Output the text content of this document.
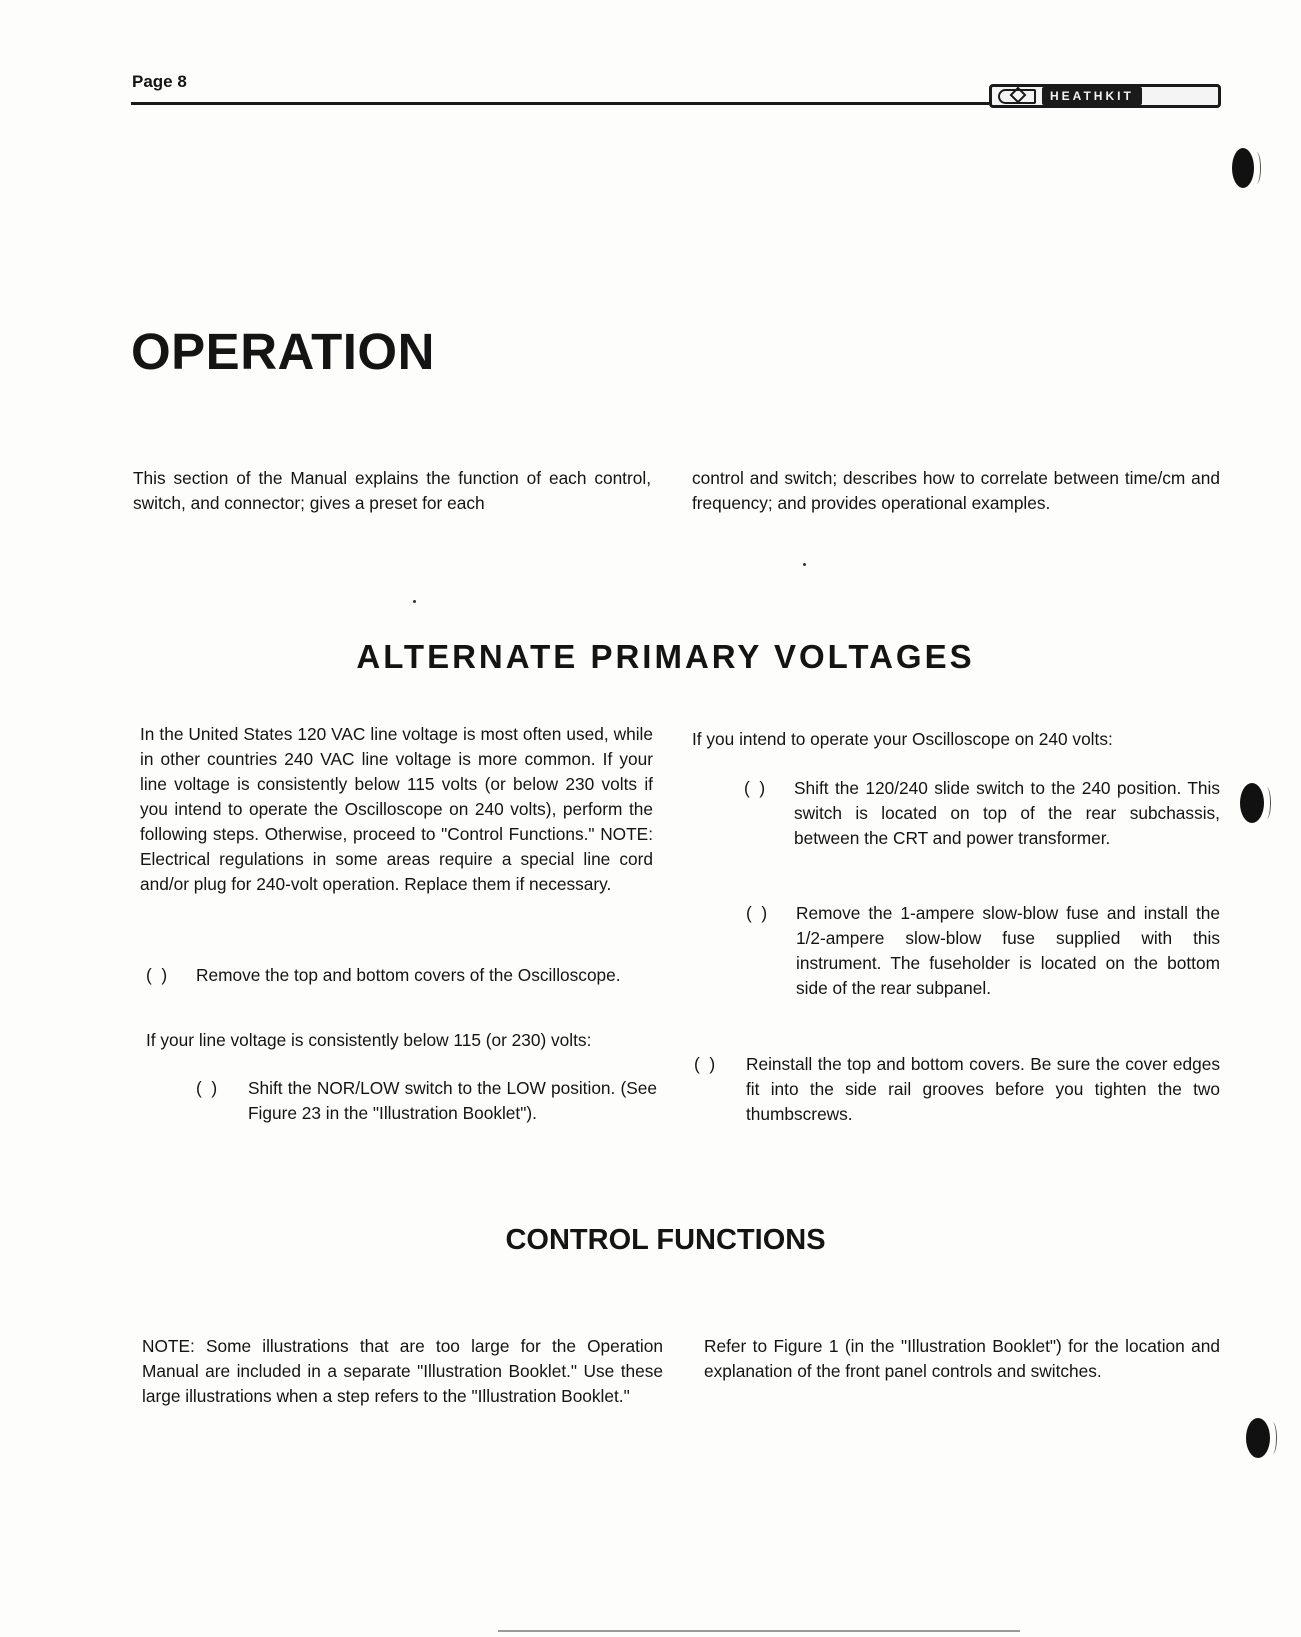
Page 8
HEATHKIT
OPERATION
This section of the Manual explains the function of each control, switch, and connector; gives a preset for each
control and switch; describes how to correlate between time/cm and frequency; and provides operational examples.
ALTERNATE PRIMARY VOLTAGES
In the United States 120 VAC line voltage is most often used, while in other countries 240 VAC line voltage is more common. If your line voltage is consistently below 115 volts (or below 230 volts if you intend to operate the Oscilloscope on 240 volts), perform the following steps. Otherwise, proceed to "Control Functions." NOTE: Electrical regulations in some areas require a special line cord and/or plug for 240-volt operation. Replace them if necessary.
(  )	Remove the top and bottom covers of the Oscilloscope.
If your line voltage is consistently below 115 (or 230) volts:
(  )	Shift the NOR/LOW switch to the LOW position. (See Figure 23 in the "Illustration Booklet").
If you intend to operate your Oscilloscope on 240 volts:
(  )	Shift the 120/240 slide switch to the 240 position. This switch is located on top of the rear subchassis, between the CRT and power transformer.
(  )	Remove the 1-ampere slow-blow fuse and install the 1/2-ampere slow-blow fuse supplied with this instrument. The fuseholder is located on the bottom side of the rear subpanel.
(  )	Reinstall the top and bottom covers. Be sure the cover edges fit into the side rail grooves before you tighten the two thumbscrews.
CONTROL FUNCTIONS
NOTE: Some illustrations that are too large for the Operation Manual are included in a separate "Illustration Booklet." Use these large illustrations when a step refers to the "Illustration Booklet."
Refer to Figure 1 (in the "Illustration Booklet") for the location and explanation of the front panel controls and switches.
